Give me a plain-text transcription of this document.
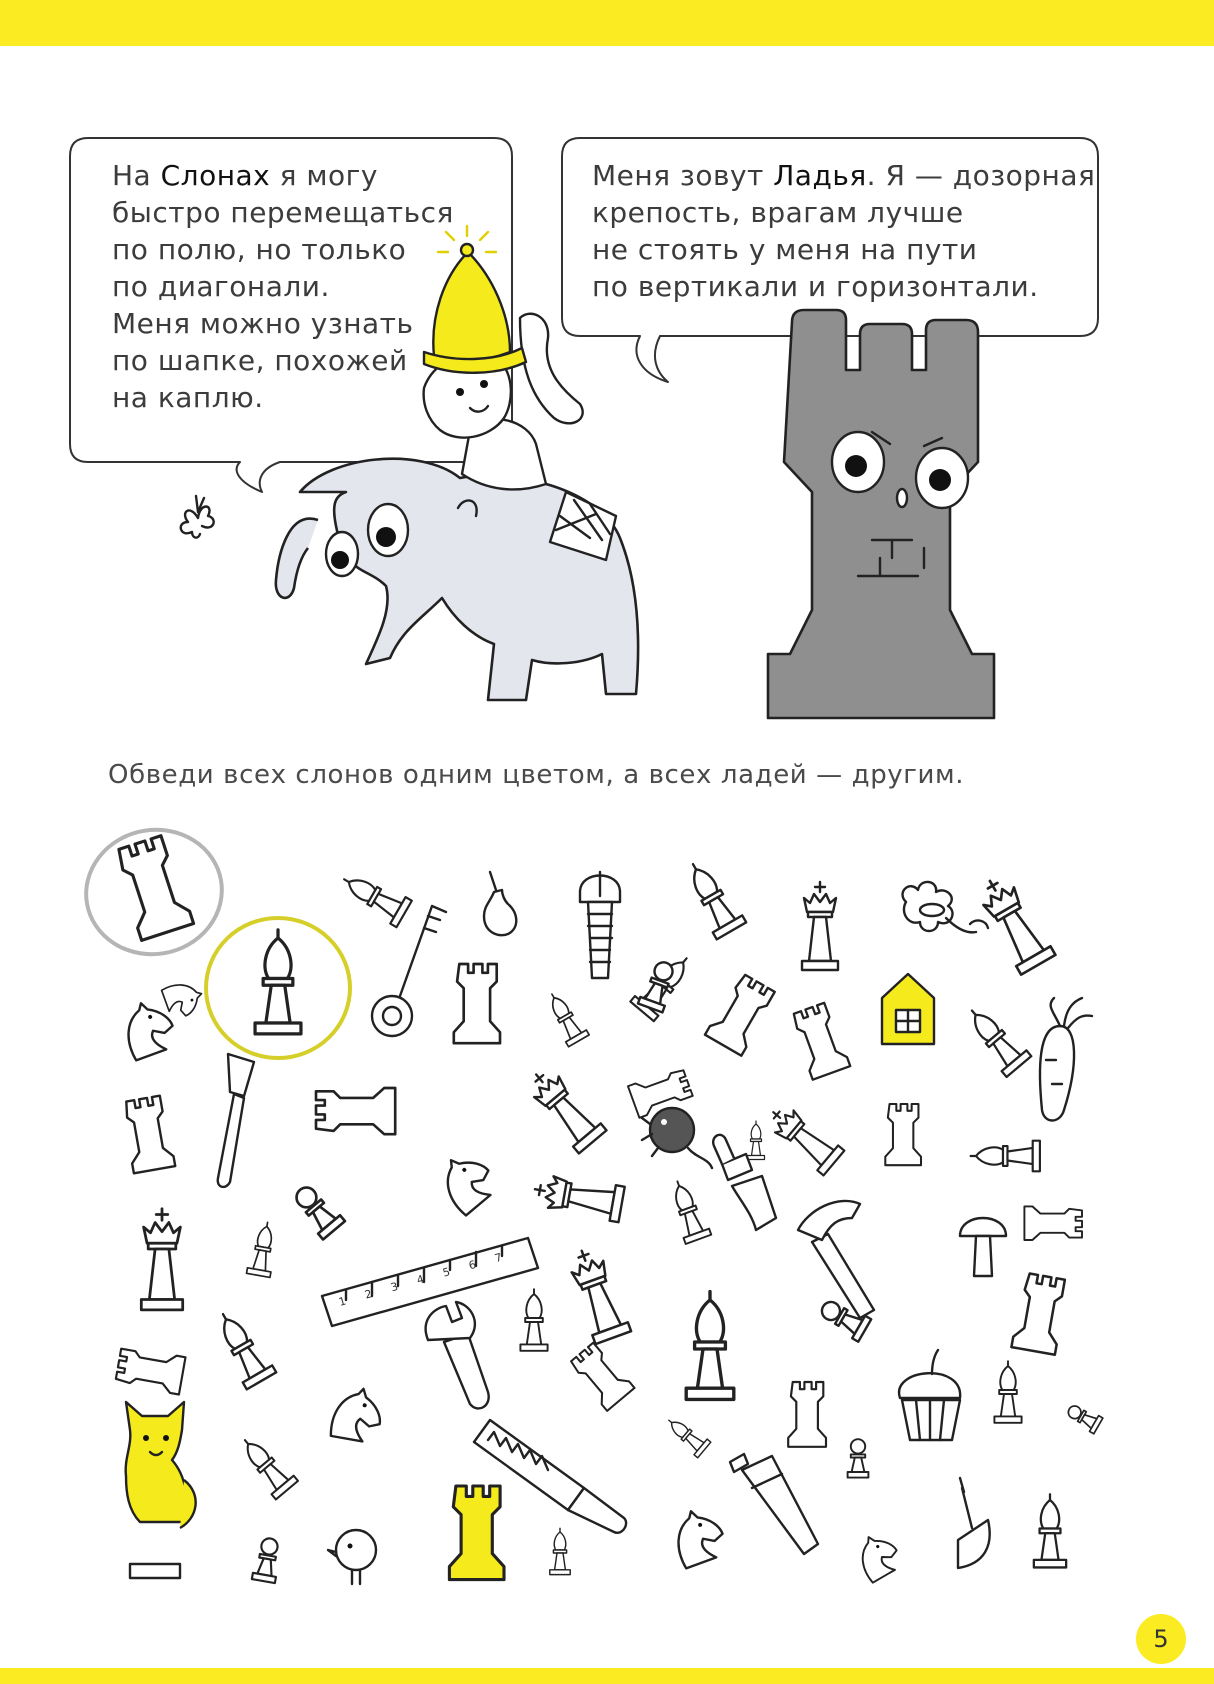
1
2
3
4
5
6
7
На Слонах я могу
быстро перемещаться
по полю, но только
по диагонали.
Меня можно узнать
по шапке, похожей
на каплю.
Меня зовут Ладья. Я — дозорная
крепость, врагам лучше
не стоять у меня на пути
по вертикали и горизонтали.
Обведи всех слонов одним цветом, а всех ладей — другим.
5
